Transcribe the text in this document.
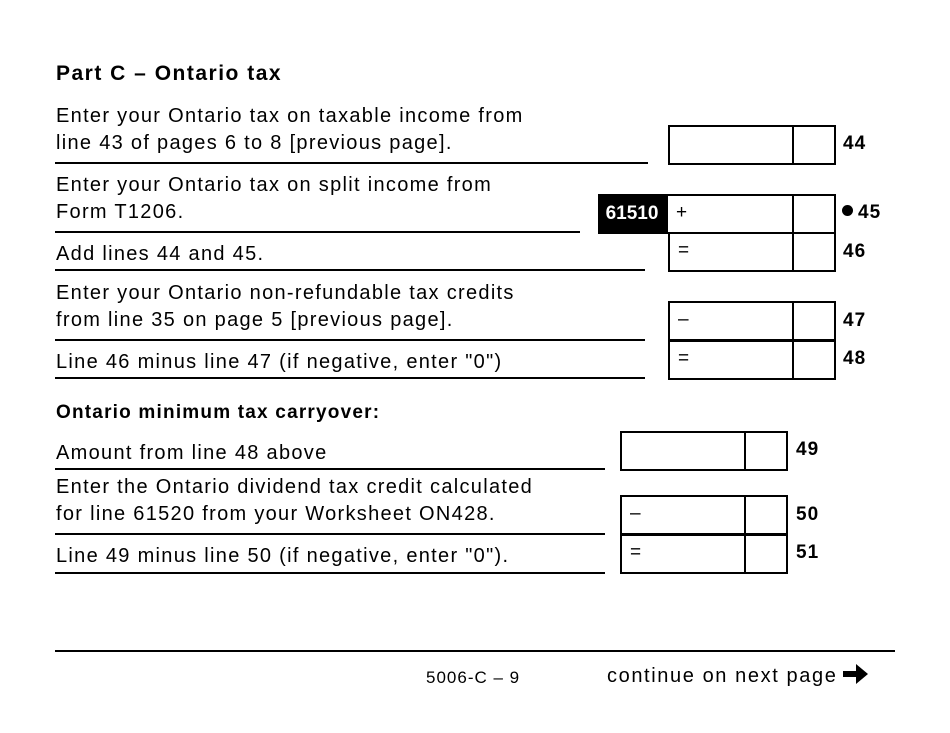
Part C – Ontario tax
Enter your Ontario tax on taxable income from
line 43 of pages 6 to 8 [previous page].	44
Enter your Ontario tax on split income from
Form T1206.	61510 +	45
Add lines 44 and 45.	=	46
Enter your Ontario non-refundable tax credits
from line 35 on page 5 [previous page].	–	47
Line 46 minus line 47 (if negative, enter "0")	=	48
Ontario minimum tax carryover:
Amount from line 48 above	49
Enter the Ontario dividend tax credit calculated
for line 61520 from your Worksheet ON428.	–	50
Line 49 minus line 50 (if negative, enter "0").	=	51
5006-C – 9	continue on next page
